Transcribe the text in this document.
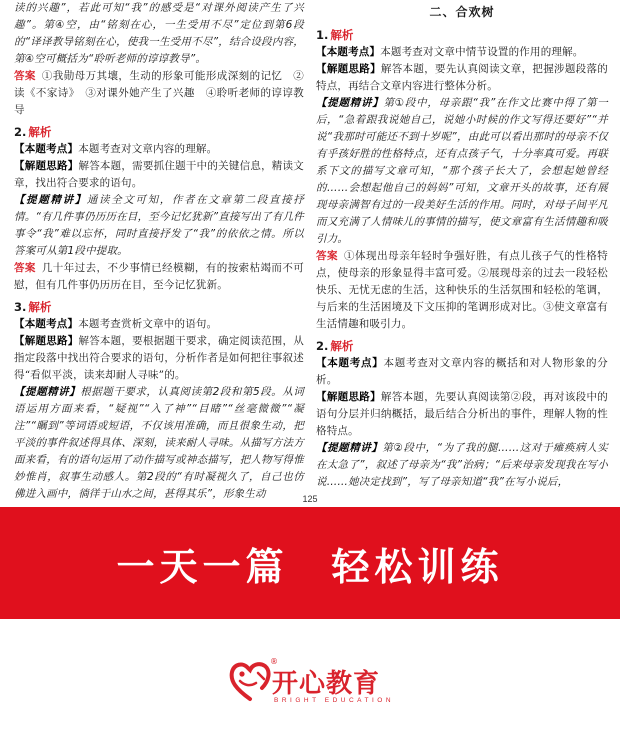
读的兴趣”，若此可知“我”的感受是“对课外阅读产生了兴趣”。第④空，由“铭刻在心，一生受用不尽”定位到第6段的“译译教导铭刻在心，使我一生受用不尽”，结合设段内容，第④空可概括为“聆听老师的谆谆教导”。
答案 ①我勋母万其壤，生动的形象可能形成深刻的记忆　②读《不家诗》　③对课外她产生了兴趣　④聆听老师的谆谆教导
2. 解析
【本题考点】本题考查对文章内容的理解。
【解题思路】解答本题，需要抓住题干中的关键信息，精读文章，找出符合要求的语句。
【提题精讲】通读全文可知，作者在文章第二段直接抒情。“有几件事仍历历在目，至今记忆犹新”直接写出了有几件事令“我”难以忘怀，同时直接抒发了“我”的依依之情。所以答案可从第1段中提取。
答案 几十年过去，不少事情已经模糊，有的按索枯竭而不可慰，但有几件事仍历历在目，至今记忆犹新。
3. 解析
【本题考点】本题考查赏析文章中的语句。
【解题思路】解答本题，要根据题干要求，确定阅读范围，从指定段落中找出符合要求的语句，分析作者是如何把往事叙述得“看似平淡，读来却耐人寻味”的。
【提题精讲】根据题干要求，认真阅读第2段和第5段。从词语运用方面来看，“疑视”“入了神”“目睹”“丝毫微微”“凝注”“瞩到”等词语或短语，不仅该用准确，而且很象生动，把平淡的事件叙述得具体、深刻，读来耐人寻味。从描写方法方面来看，有的语句运用了动作描写或神态描写，把人物写得惟妙惟肖，叙事生动感人。第2段的“有时凝视久了，自己也仿佛进入画中，徜徉于山水之间，甚得其乐”，形象生动
二、合欢树
1. 解析
【本题考点】本题考查对文章中情节设置的作用的理解。
【解题思路】解答本题，要先认真阅读文章，把握涉题段落的特点，再结合文章内容进行整体分析。
【提题精讲】第①段中，母亲跟“我”在作文比赛中得了第一后，“急着跟我说她自己，说她小时候的作文写得还要好”“并说“我那时可能还不到十岁呢”，由此可以看出那时的母亲不仅有乎孩好胜的性格特点，还有点孩子气，十分率真可爱。再联系下文的描写文章可知，“那个孩子长大了，会想起她曾经的……会想起他自己的妈妈”可知，文章开头的故事，还有展现母亲满智有过的一段美好生活的作用。同时，对母子间平凡而又充满了人情味儿的事情的描写，使文章富有生活情趣和吸引力。
答案 ①体现出母亲年轻时争强好胜，有点儿孩子气的性格特点，使母亲的形象显得丰富可爱。②展现母亲的过去一段轻松快乐、无忧无虑的生活，这种快乐的生活氛围和轻松的笔调，与后来的生活困境及下文压抑的笔调形成对比。③使文章富有生活情趣和吸引力。
2. 解析
【本题考点】本题考查对文章内容的概括和对人物形象的分析。
【解题思路】解答本题，先要认真阅读第②段，再对该段中的语句分层并归纳概括，最后结合分析出的事件，理解人物的性格特点。
【提题精讲】第②段中，“为了我的腿……这对于瘫痪病人实在太急了”，叙述了母亲为“我”治病；“后来母亲发现我在写小说……她决定找到”，写了母亲知道“我”在写小说后，
125
一天一篇　轻松训练
®
开心教育
BRIGHT EDUCATION
